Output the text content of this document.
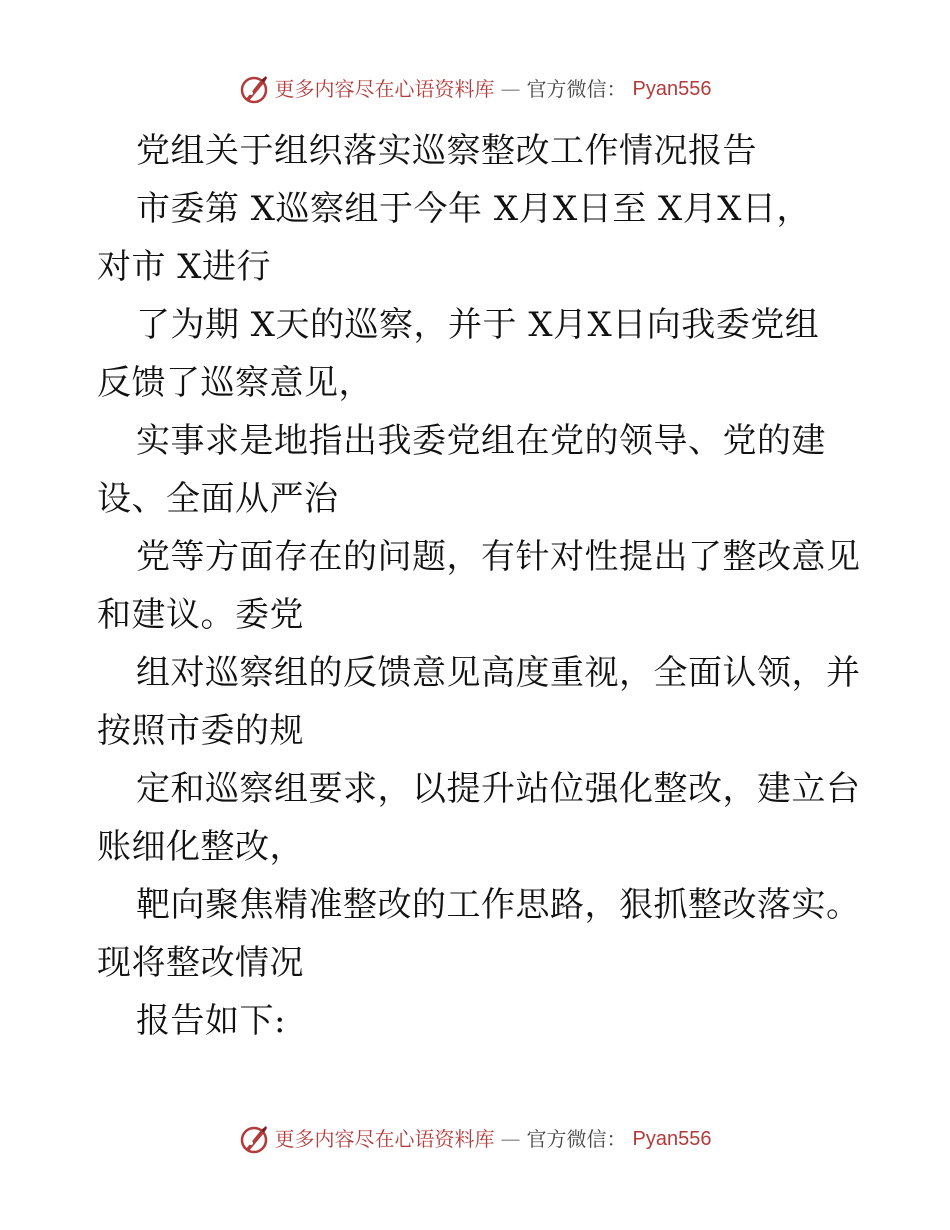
更多内容尽在心语资料库 — 官方微信： Pyan556
党组关于组织落实巡察整改工作情况报告
市委第 X巡察组于今年 X月X日至 X月X日，
对市 X进行
了为期 X天的巡察，并于 X月X日向我委党组
反馈了巡察意见，
实事求是地指出我委党组在党的领导、党的建
设、全面从严治
党等方面存在的问题，有针对性提出了整改意见
和建议。委党
组对巡察组的反馈意见高度重视，全面认领，并
按照市委的规
定和巡察组要求，以提升站位强化整改，建立台
账细化整改，
靶向聚焦精准整改的工作思路，狠抓整改落实。
现将整改情况
报告如下:
更多内容尽在心语资料库 — 官方微信： Pyan556
